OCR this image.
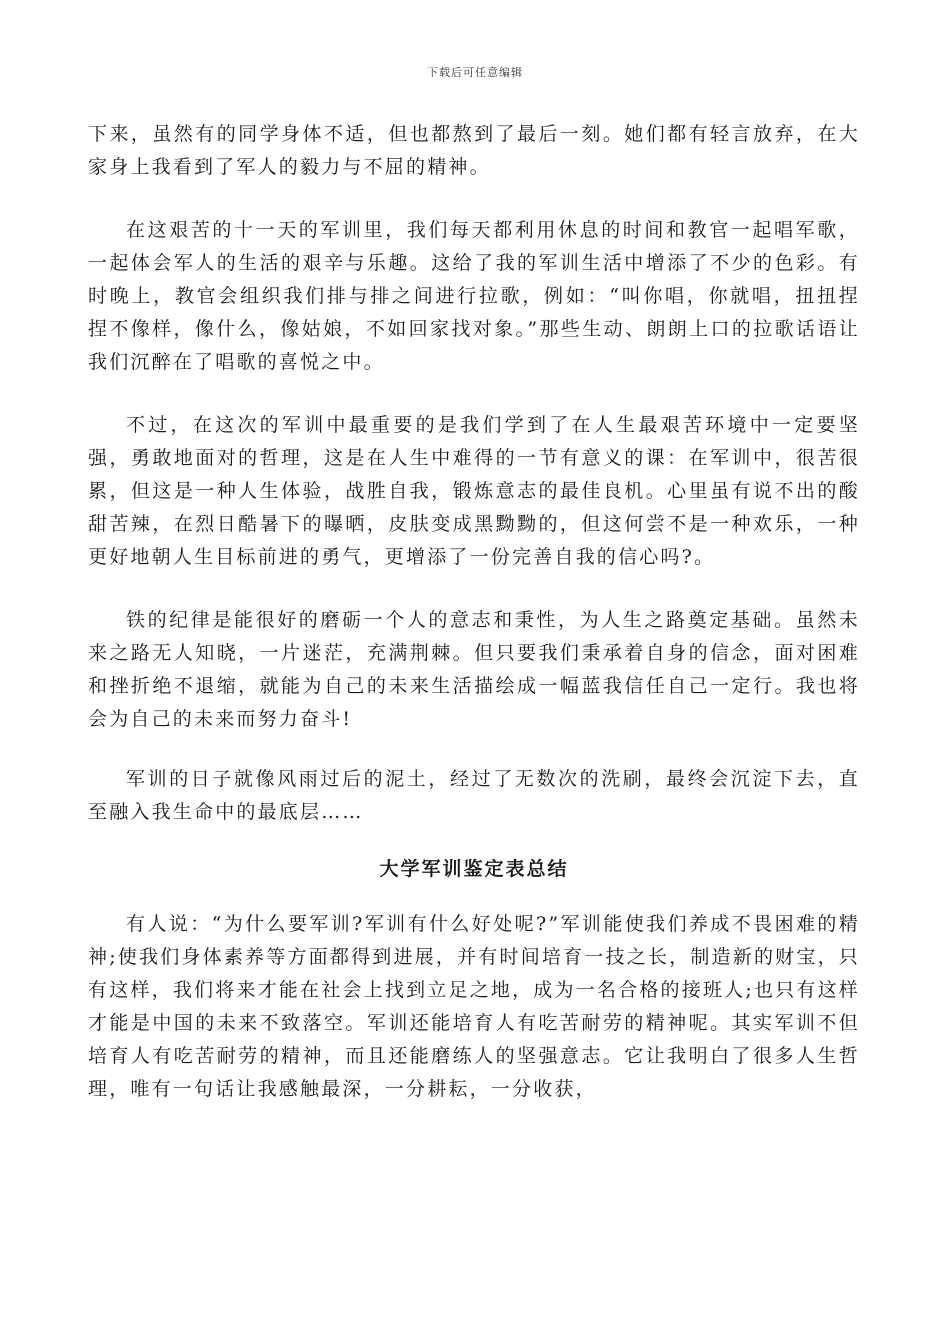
下载后可任意编辑

下来，虽然有的同学身体不适，但也都熬到了最后一刻。她们都有轻言放弃，在大家身上我看到了军人的毅力与不屈的精神。

在这艰苦的十一天的军训里，我们每天都利用休息的时间和教官一起唱军歌，一起体会军人的生活的艰辛与乐趣。这给了我的军训生活中增添了不少的色彩。有时晚上，教官会组织我们排与排之间进行拉歌，例如：“叫你唱，你就唱，扭扭捏捏不像样，像什么，像姑娘，不如回家找对象。”那些生动、朗朗上口的拉歌话语让我们沉醉在了唱歌的喜悦之中。

不过，在这次的军训中最重要的是我们学到了在人生最艰苦环境中一定要坚强，勇敢地面对的哲理，这是在人生中难得的一节有意义的课：在军训中，很苦很累，但这是一种人生体验，战胜自我，锻炼意志的最佳良机。心里虽有说不出的酸甜苦辣，在烈日酷暑下的曝晒，皮肤变成黑黝黝的，但这何尝不是一种欢乐，一种更好地朝人生目标前进的勇气，更增添了一份完善自我的信心吗?。

铁的纪律是能很好的磨砺一个人的意志和秉性，为人生之路奠定基础。虽然未来之路无人知晓，一片迷茫，充满荆棘。但只要我们秉承着自身的信念，面对困难和挫折绝不退缩，就能为自己的未来生活描绘成一幅蓝我信任自己一定行。我也将会为自己的未来而努力奋斗!

军训的日子就像风雨过后的泥土，经过了无数次的洗刷，最终会沉淀下去，直至融入我生命中的最底层……

大学军训鉴定表总结

有人说：“为什么要军训?军训有什么好处呢?”军训能使我们养成不畏困难的精神;使我们身体素养等方面都得到进展，并有时间培育一技之长，制造新的财宝，只有这样，我们将来才能在社会上找到立足之地，成为一名合格的接班人;也只有这样才能是中国的未来不致落空。军训还能培育人有吃苦耐劳的精神呢。其实军训不但培育人有吃苦耐劳的精神，而且还能磨练人的坚强意志。它让我明白了很多人生哲理，唯有一句话让我感触最深，一分耕耘，一分收获，
